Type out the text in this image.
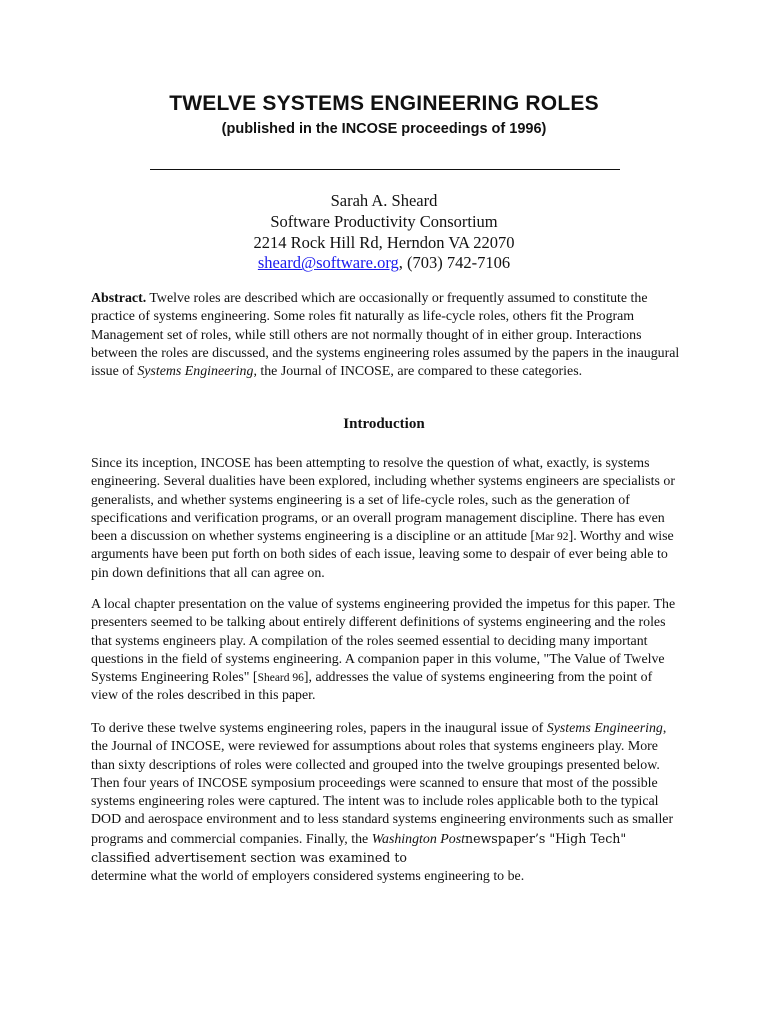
TWELVE SYSTEMS ENGINEERING ROLES
(published in the INCOSE proceedings of 1996)
Sarah A. Sheard
Software Productivity Consortium
2214 Rock Hill Rd, Herndon VA 22070
sheard@software.org, (703) 742-7106

Abstract. Twelve roles are described which are occasionally or frequently assumed to constitute the practice of systems engineering. Some roles fit naturally as life-cycle roles, others fit the Program Management set of roles, while still others are not normally thought of in either group. Interactions between the roles are discussed, and the systems engineering roles assumed by the papers in the inaugural issue of Systems Engineering, the Journal of INCOSE, are compared to these categories.

Introduction

Since its inception, INCOSE has been attempting to resolve the question of what, exactly, is systems engineering. Several dualities have been explored, including whether systems engineers are specialists or generalists, and whether systems engineering is a set of life-cycle roles, such as the generation of specifications and verification programs, or an overall program management discipline. There has even been a discussion on whether systems engineering is a discipline or an attitude [Mar 92]. Worthy and wise arguments have been put forth on both sides of each issue, leaving some to despair of ever being able to pin down definitions that all can agree on.

A local chapter presentation on the value of systems engineering provided the impetus for this paper. The presenters seemed to be talking about entirely different definitions of systems engineering and the roles that systems engineers play. A compilation of the roles seemed essential to deciding many important questions in the field of systems engineering. A companion paper in this volume, "The Value of Twelve Systems Engineering Roles" [Sheard 96], addresses the value of systems engineering from the point of view of the roles described in this paper.

To derive these twelve systems engineering roles, papers in the inaugural issue of Systems Engineering, the Journal of INCOSE, were reviewed for assumptions about roles that systems engineers play. More than sixty descriptions of roles were collected and grouped into the twelve groupings presented below. Then four years of INCOSE symposium proceedings were scanned to ensure that most of the possible systems engineering roles were captured. The intent was to include roles applicable both to the typical DOD and aerospace environment and to less standard systems engineering environments such as smaller programs and commercial companies. Finally, the Washington Postnewspaper’s "High Tech" classified advertisement section was examined to
determine what the world of employers considered systems engineering to be.
